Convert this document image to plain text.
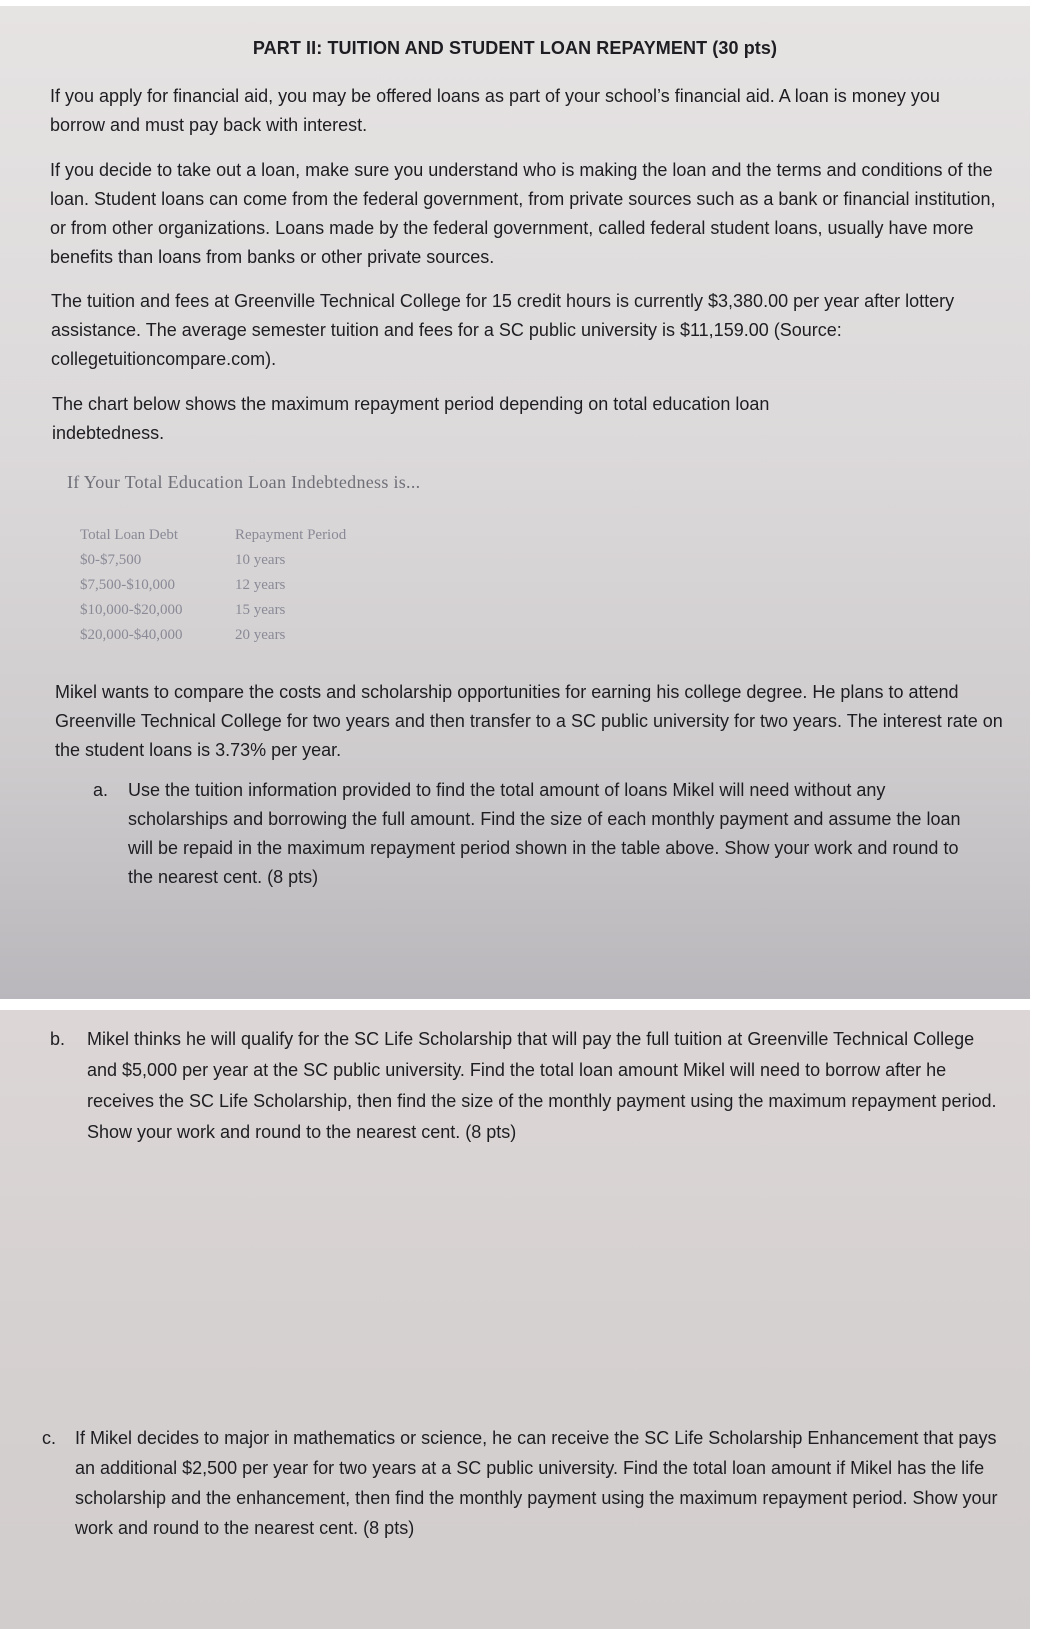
PART II: TUITION AND STUDENT LOAN REPAYMENT (30 pts)

If you apply for financial aid, you may be offered loans as part of your school’s financial aid. A loan is money you borrow and must pay back with interest.

If you decide to take out a loan, make sure you understand who is making the loan and the terms and conditions of the loan. Student loans can come from the federal government, from private sources such as a bank or financial institution, or from other organizations. Loans made by the federal government, called federal student loans, usually have more benefits than loans from banks or other private sources.

The tuition and fees at Greenville Technical College for 15 credit hours is currently $3,380.00 per year after lottery assistance. The average semester tuition and fees for a SC public university is $11,159.00 (Source: collegetuitioncompare.com).

The chart below shows the maximum repayment period depending on total education loan indebtedness.

If Your Total Education Loan Indebtedness is...
Total Loan Debt	Repayment Period
$0-$7,500	10 years
$7,500-$10,000	12 years
$10,000-$20,000	15 years
$20,000-$40,000	20 years

Mikel wants to compare the costs and scholarship opportunities for earning his college degree. He plans to attend Greenville Technical College for two years and then transfer to a SC public university for two years. The interest rate on the student loans is 3.73% per year.

a. Use the tuition information provided to find the total amount of loans Mikel will need without any scholarships and borrowing the full amount. Find the size of each monthly payment and assume the loan will be repaid in the maximum repayment period shown in the table above. Show your work and round to the nearest cent. (8 pts)
b. Mikel thinks he will qualify for the SC Life Scholarship that will pay the full tuition at Greenville Technical College and $5,000 per year at the SC public university. Find the total loan amount Mikel will need to borrow after he receives the SC Life Scholarship, then find the size of the monthly payment using the maximum repayment period. Show your work and round to the nearest cent. (8 pts)
c. If Mikel decides to major in mathematics or science, he can receive the SC Life Scholarship Enhancement that pays an additional $2,500 per year for two years at a SC public university. Find the total loan amount if Mikel has the life scholarship and the enhancement, then find the monthly payment using the maximum repayment period. Show your work and round to the nearest cent. (8 pts)
